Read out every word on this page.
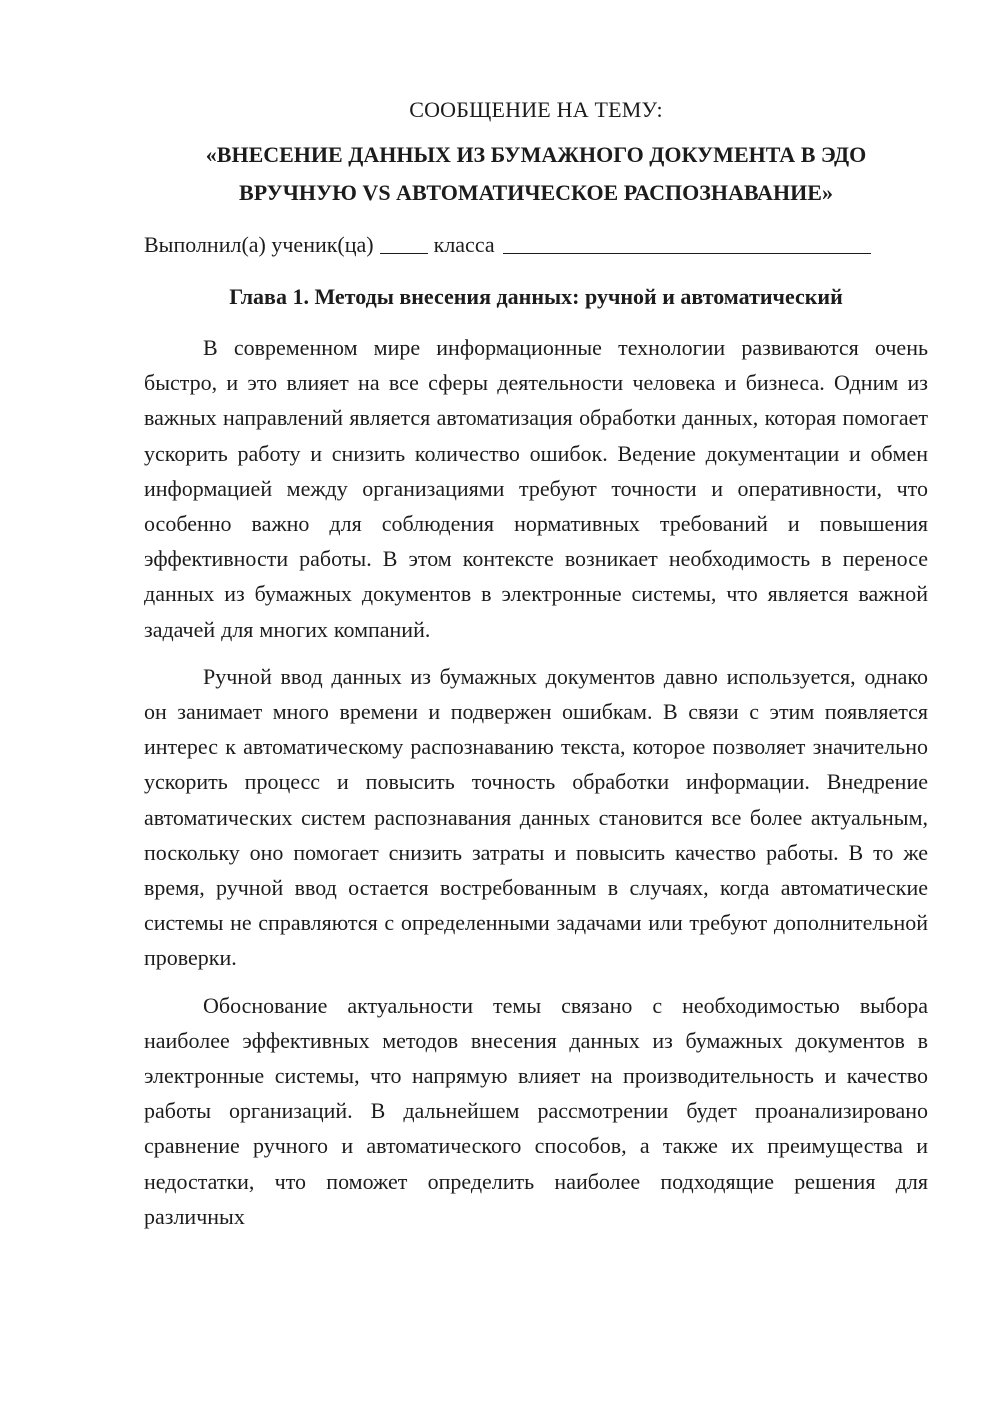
СООБЩЕНИЕ НА ТЕМУ:

«ВНЕСЕНИЕ ДАННЫХ ИЗ БУМАЖНОГО ДОКУМЕНТА В ЭДО
ВРУЧНУЮ VS АВТОМАТИЧЕСКОЕ РАСПОЗНАВАНИЕ»

Выполнил(а) ученик(ца)	класса

Глава 1. Методы внесения данных: ручной и автоматический

В современном мире информационные технологии развиваются очень быстро, и это влияет на все сферы деятельности человека и бизнеса. Одним из важных направлений является автоматизация обработки данных, которая помогает ускорить работу и снизить количество ошибок. Ведение документации и обмен информацией между организациями требуют точности и оперативности, что особенно важно для соблюдения нормативных требований и повышения эффективности работы. В этом контексте возникает необходимость в переносе данных из бумажных документов в электронные системы, что является важной задачей для многих компаний.

Ручной ввод данных из бумажных документов давно используется, однако он занимает много времени и подвержен ошибкам. В связи с этим появляется интерес к автоматическому распознаванию текста, которое позволяет значительно ускорить процесс и повысить точность обработки информации. Внедрение автоматических систем распознавания данных становится все более актуальным, поскольку оно помогает снизить затраты и повысить качество работы. В то же время, ручной ввод остается востребованным в случаях, когда автоматические системы не справляются с определенными задачами или требуют дополнительной проверки.

Обоснование актуальности темы связано с необходимостью выбора наиболее эффективных методов внесения данных из бумажных документов в электронные системы, что напрямую влияет на производительность и качество работы организаций. В дальнейшем рассмотрении будет проанализировано сравнение ручного и автоматического способов, а также их преимущества и недостатки, что поможет определить наиболее подходящие решения для различных
